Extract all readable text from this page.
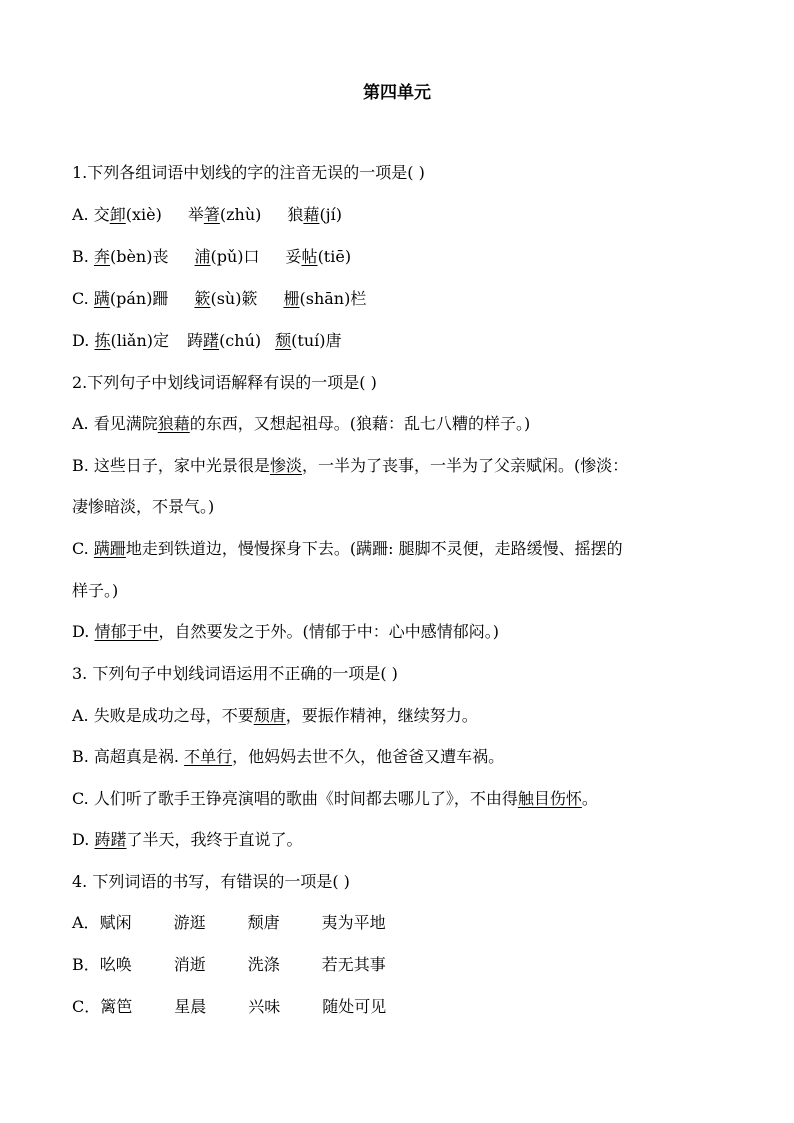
第四单元
1.下列各组词语中划线的字的注音无误的一项是( )
A. 交卸(xiè) 举箸(zhù) 狼藉(jí)
B. 奔(bèn)丧 浦(pǔ)口 妥帖(tiē)
C. 蹒(pán)跚 簌(sù)簌 栅(shān)栏
D. 拣(liǎn)定 踌躇(chú) 颓(tuí)唐
2.下列句子中划线词语解释有误的一项是( )
A. 看见满院狼藉的东西，又想起祖母。(狼藉：乱七八糟的样子。)
B. 这些日子，家中光景很是惨淡，一半为了丧事，一半为了父亲赋闲。(惨淡：
凄惨暗淡，不景气。)
C. 蹒跚地走到铁道边，慢慢探身下去。(蹒跚: 腿脚不灵便，走路缓慢、摇摆的
样子。)
D. 情郁于中，自然要发之于外。(情郁于中：心中感情郁闷。)
3. 下列句子中划线词语运用不正确的一项是( )
A. 失败是成功之母，不要颓唐，要振作精神，继续努力。
B. 高超真是祸. 不单行，他妈妈去世不久，他爸爸又遭车祸。
C. 人们听了歌手王铮亮演唱的歌曲《时间都去哪儿了》，不由得触目伤怀。
D. 踌躇了半天，我终于直说了。
4. 下列词语的书写，有错误的一项是( )
A．赋闲	游逛	颓唐	夷为平地
B．吆唤	消逝	洗涤	若无其事
C．篱笆	星晨	兴味	随处可见
